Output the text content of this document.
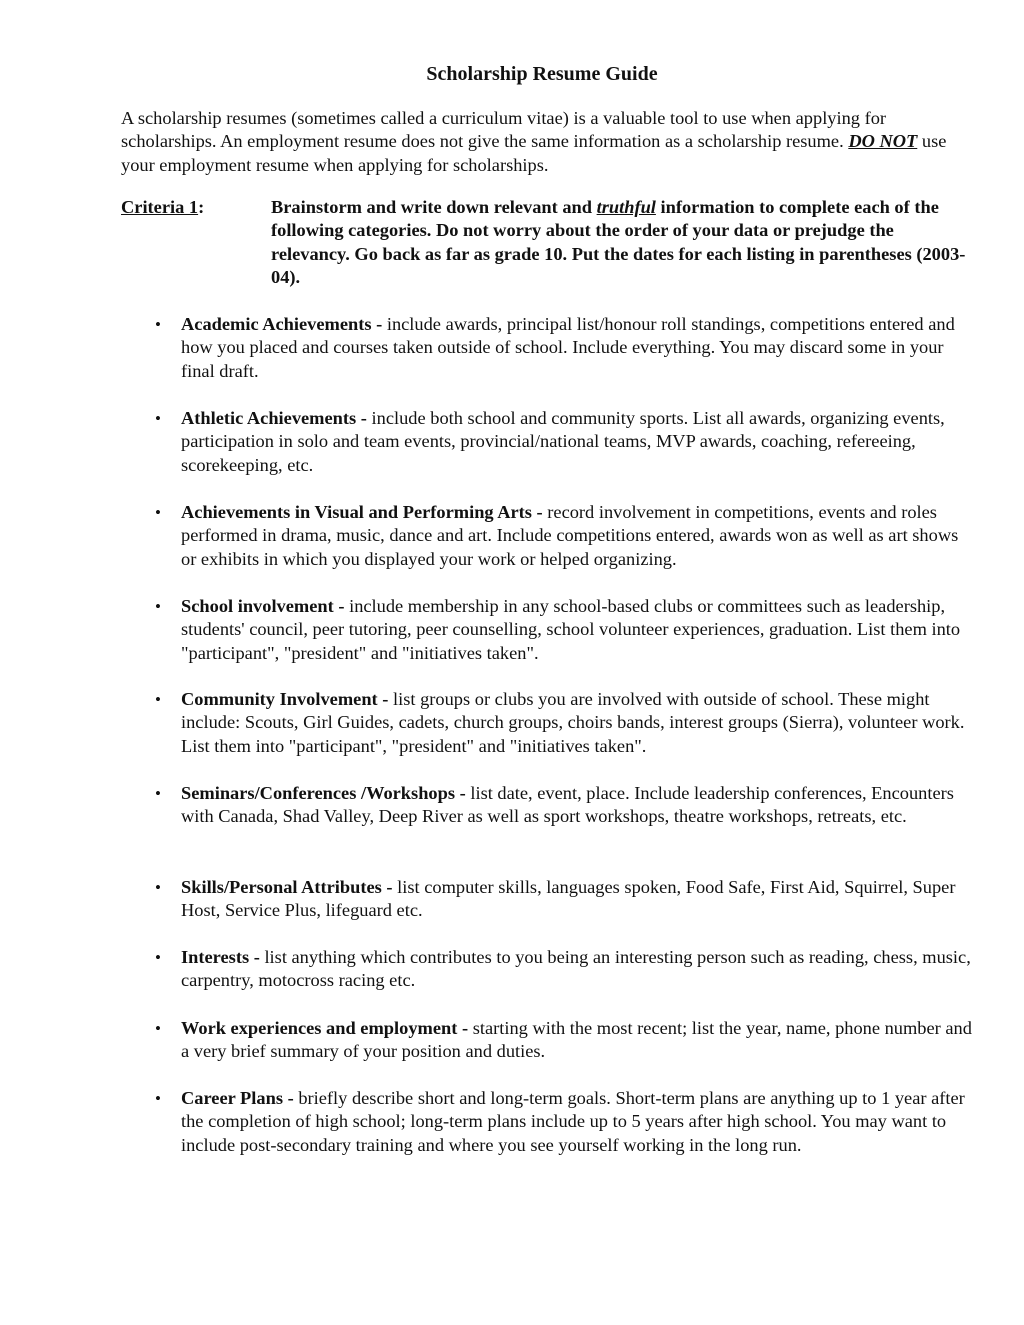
Scholarship Resume Guide

A scholarship resumes (sometimes called a curriculum vitae) is a valuable tool to use when applying for scholarships. An employment resume does not give the same information as a scholarship resume. DO NOT use your employment resume when applying for scholarships.

Criteria 1:	Brainstorm and write down relevant and truthful information to complete each of the following categories. Do not worry about the order of your data or prejudge the relevancy. Go back as far as grade 10. Put the dates for each listing in parentheses (2003-04).

• Academic Achievements - include awards, principal list/honour roll standings, competitions entered and how you placed and courses taken outside of school. Include everything. You may discard some in your final draft.
• Athletic Achievements - include both school and community sports. List all awards, organizing events, participation in solo and team events, provincial/national teams, MVP awards, coaching, refereeing, scorekeeping, etc.
• Achievements in Visual and Performing Arts - record involvement in competitions, events and roles performed in drama, music, dance and art. Include competitions entered, awards won as well as art shows or exhibits in which you displayed your work or helped organizing.
• School involvement - include membership in any school-based clubs or committees such as leadership, students' council, peer tutoring, peer counselling, school volunteer experiences, graduation. List them into "participant", "president" and "initiatives taken".
• Community Involvement - list groups or clubs you are involved with outside of school. These might include: Scouts, Girl Guides, cadets, church groups, choirs bands, interest groups (Sierra), volunteer work. List them into "participant", "president" and "initiatives taken".
• Seminars/Conferences /Workshops - list date, event, place. Include leadership conferences, Encounters with Canada, Shad Valley, Deep River as well as sport workshops, theatre workshops, retreats, etc.
• Skills/Personal Attributes - list computer skills, languages spoken, Food Safe, First Aid, Squirrel, Super Host, Service Plus, lifeguard etc.
• Interests - list anything which contributes to you being an interesting person such as reading, chess, music, carpentry, motocross racing etc.
• Work experiences and employment - starting with the most recent; list the year, name, phone number and a very brief summary of your position and duties.
• Career Plans - briefly describe short and long-term goals. Short-term plans are anything up to 1 year after the completion of high school; long-term plans include up to 5 years after high school. You may want to include post-secondary training and where you see yourself working in the long run.
